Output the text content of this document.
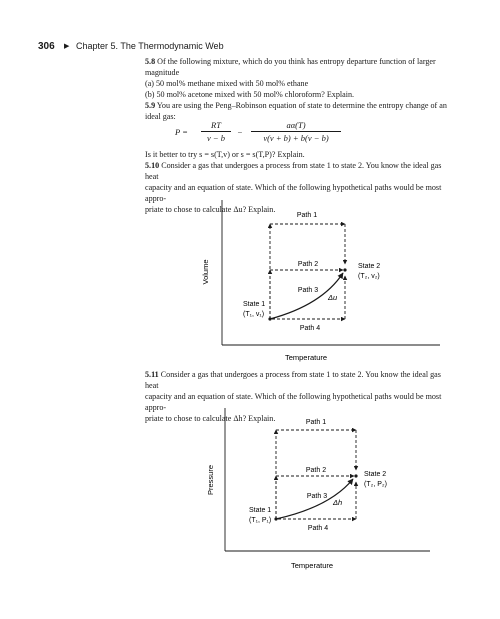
306 ▶ Chapter 5. The Thermodynamic Web
5.8 Of the following mixture, which do you think has entropy departure function of larger
magnitude
(a) 50 mol% methane mixed with 50 mol% ethane
(b) 50 mol% acetone mixed with 50 mol% chloroform? Explain.
5.9 You are using the Peng–Robinson equation of state to determine the entropy change of an
ideal gas:
P =
RT
v − b
−
aα(T)
v(v + b) + b(v − b)
Is it better to try s = s(T,v) or s = s(T,P)? Explain.
5.10 Consider a gas that undergoes a process from state 1 to state 2. You know the ideal gas heat
capacity and an equation of state. Which of the following hypothetical paths would be most appro-
priate to chose to calculate Δu? Explain.
Volume
Temperature
Path 1
Path 2
Path 4
Path 3
Δu
State 1
(T₁, v₁)
State 2
(T₂, v₂)
5.11 Consider a gas that undergoes a process from state 1 to state 2. You know the ideal gas heat
capacity and an equation of state. Which of the following hypothetical paths would be most appro-
priate to chose to calculate Δh? Explain.
Pressure
Temperature
Path 1
Path 2
Path 4
Path 3
Δh
State 1
(T₁, P₁)
State 2
(T₂, P₂)
